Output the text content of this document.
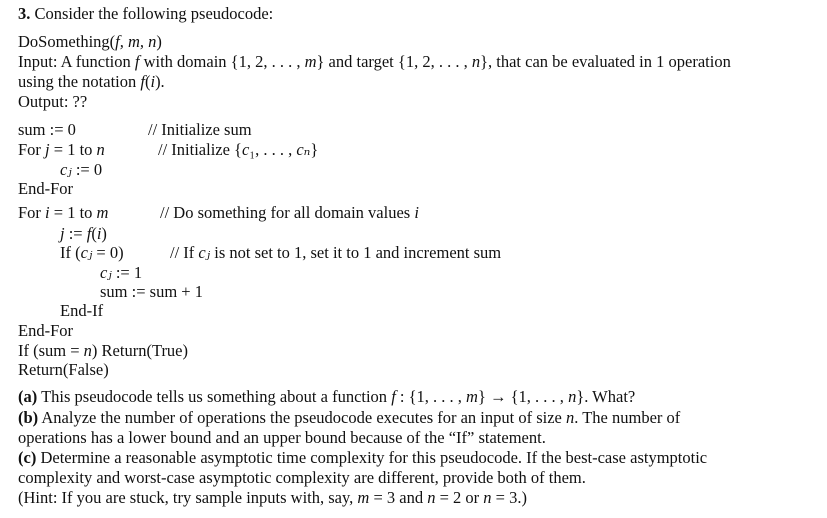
3. Consider the following pseudocode:
DoSomething(f, m, n)
Input: A function f with domain {1, 2, . . . , m} and target {1, 2, . . . , n}, that can be evaluated in 1 operation
using the notation f(i).
Output: ??
sum := 0	// Initialize sum
For j = 1 to n	// Initialize {c₁, . . . , cₙ}
cⱼ := 0
End-For
For i = 1 to m	// Do something for all domain values i
j := f(i)
If (cⱼ = 0)	// If cⱼ is not set to 1, set it to 1 and increment sum
cⱼ := 1
sum := sum + 1
End-If
End-For
If (sum = n) Return(True)
Return(False)
(a) This pseudocode tells us something about a function f : {1, . . . , m} → {1, . . . , n}. What?
(b) Analyze the number of operations the pseudocode executes for an input of size n. The number of
operations has a lower bound and an upper bound because of the “If” statement.
(c) Determine a reasonable asymptotic time complexity for this pseudocode. If the best-case astymptotic
complexity and worst-case asymptotic complexity are different, provide both of them.
(Hint: If you are stuck, try sample inputs with, say, m = 3 and n = 2 or n = 3.)
